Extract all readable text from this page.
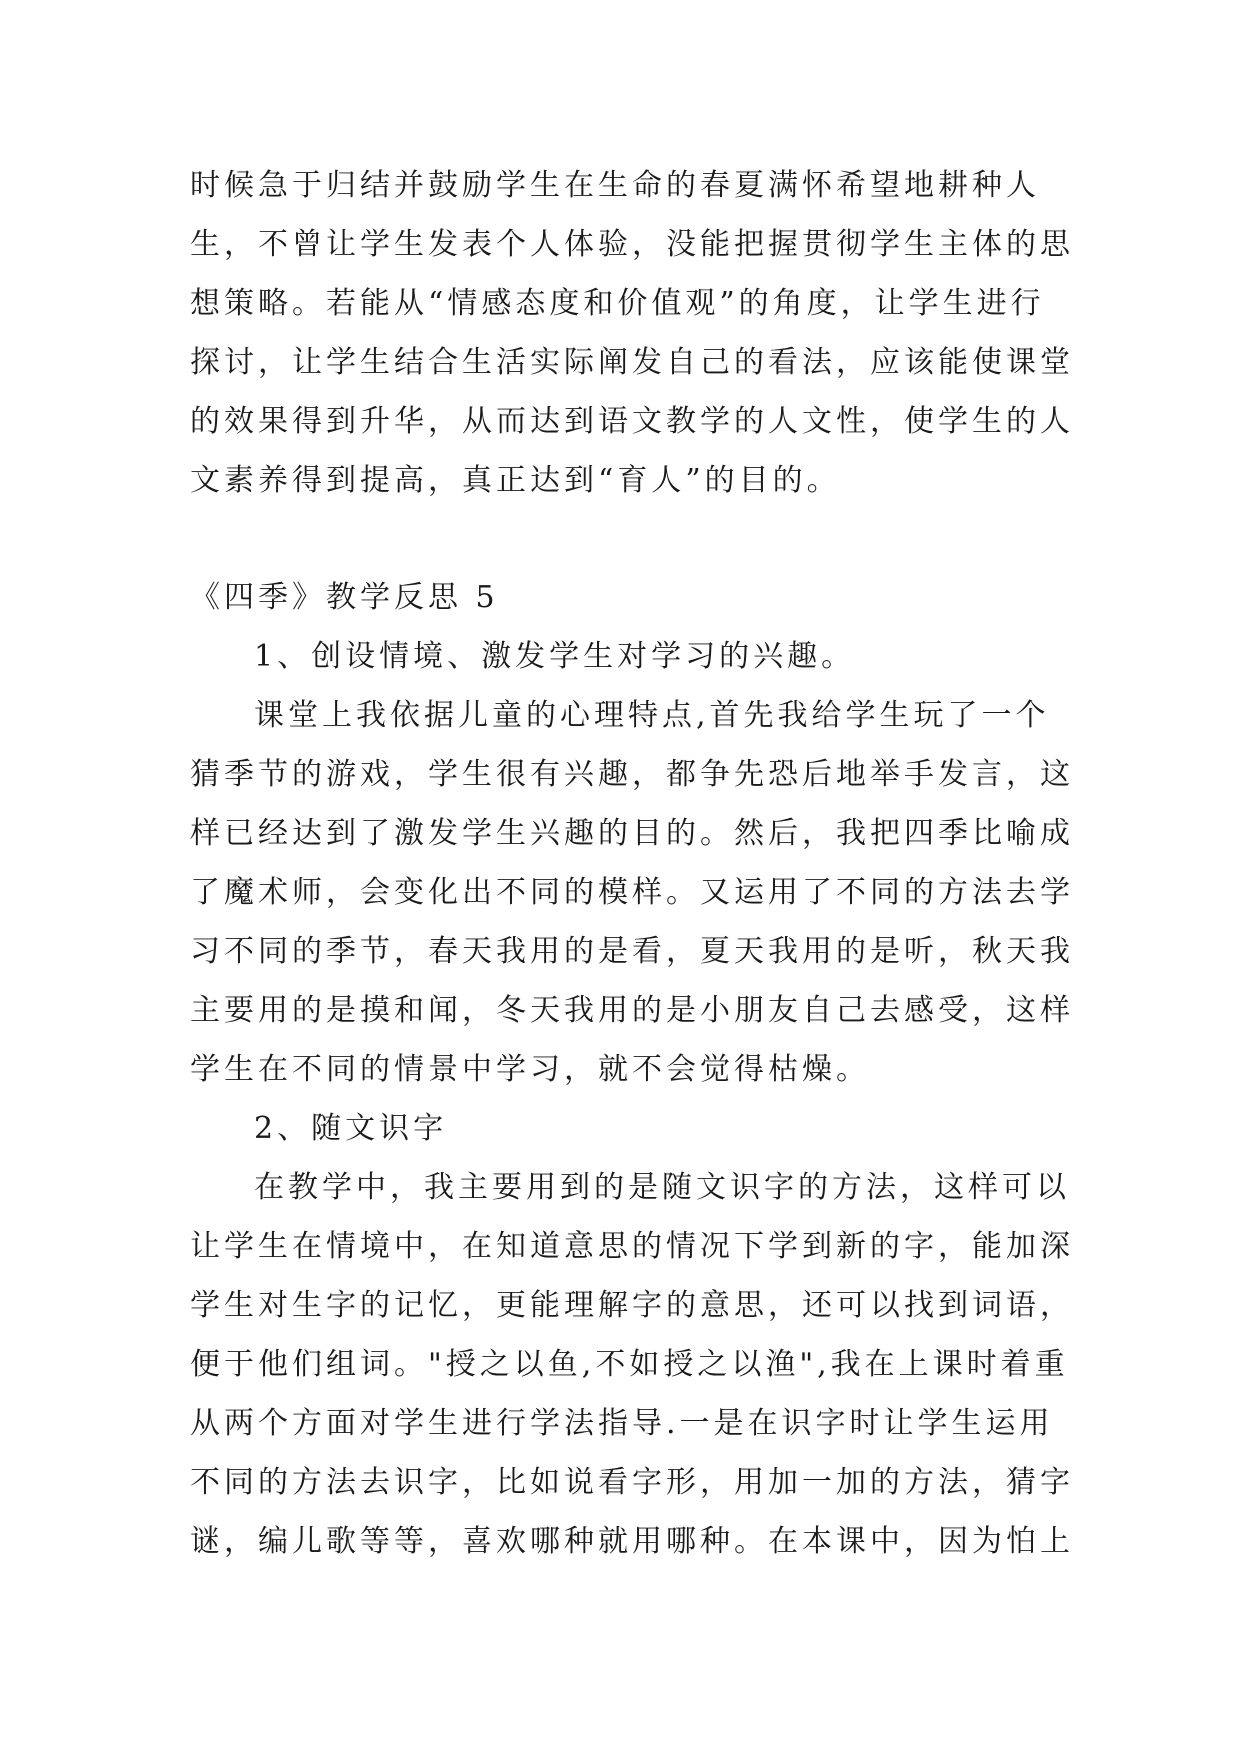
时候急于归结并鼓励学生在生命的春夏满怀希望地耕种人
生，不曾让学生发表个人体验，没能把握贯彻学生主体的思
想策略。若能从“情感态度和价值观”的角度，让学生进行
探讨，让学生结合生活实际阐发自己的看法，应该能使课堂
的效果得到升华，从而达到语文教学的人文性，使学生的人
文素养得到提高，真正达到“育人”的目的。
《四季》教学反思 5
1、创设情境、激发学生对学习的兴趣。
课堂上我依据儿童的心理特点,首先我给学生玩了一个
猜季节的游戏，学生很有兴趣，都争先恐后地举手发言，这
样已经达到了激发学生兴趣的目的。然后，我把四季比喻成
了魔术师，会变化出不同的模样。又运用了不同的方法去学
习不同的季节，春天我用的是看，夏天我用的是听，秋天我
主要用的是摸和闻，冬天我用的是小朋友自己去感受，这样
学生在不同的情景中学习，就不会觉得枯燥。
2、随文识字
在教学中，我主要用到的是随文识字的方法，这样可以
让学生在情境中，在知道意思的情况下学到新的字，能加深
学生对生字的记忆，更能理解字的意思，还可以找到词语，
便于他们组词。"授之以鱼,不如授之以渔",我在上课时着重
从两个方面对学生进行学法指导.一是在识字时让学生运用
不同的方法去识字，比如说看字形，用加一加的方法，猜字
谜，编儿歌等等，喜欢哪种就用哪种。在本课中，因为怕上
